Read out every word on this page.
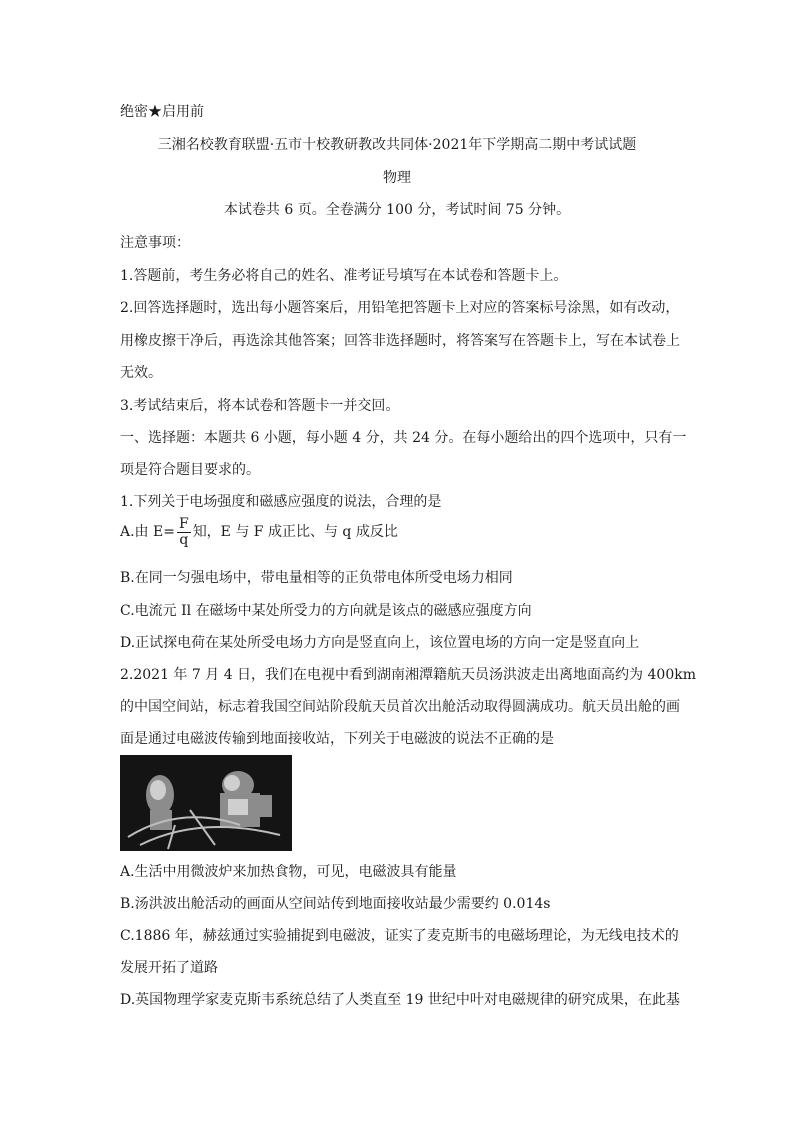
绝密★启用前
三湘名校教育联盟·五市十校教研教改共同体·2021年下学期高二期中考试试题
物理
本试卷共 6 页。全卷满分 100 分，考试时间 75 分钟。
注意事项：
1.答题前，考生务必将自己的姓名、准考证号填写在本试卷和答题卡上。
2.回答选择题时，选出每小题答案后，用铅笔把答题卡上对应的答案标号涂黑，如有改动，
用橡皮擦干净后，再选涂其他答案；回答非选择题时，将答案写在答题卡上，写在本试卷上
无效。
3.考试结束后，将本试卷和答题卡一并交回。
一、选择题：本题共 6 小题，每小题 4 分，共 24 分。在每小题给出的四个选项中，只有一
项是符合题目要求的。
1.下列关于电场强度和磁感应强度的说法，合理的是
A.由 $E= \frac{F}{q}$ 知，E 与 F 成正比、与 q 成反比
B.在同一匀强电场中，带电量相等的正负带电体所受电场力相同
C.电流元 Il 在磁场中某处所受力的方向就是该点的磁感应强度方向
D.正试探电荷在某处所受电场力方向是竖直向上，该位置电场的方向一定是竖直向上
2.2021 年 7 月 4 日，我们在电视中看到湖南湘潭籍航天员汤洪波走出离地面高约为 400km
的中国空间站，标志着我国空间站阶段航天员首次出舱活动取得圆满成功。航天员出舱的画
面是通过电磁波传输到地面接收站，下列关于电磁波的说法不正确的是
A.生活中用微波炉来加热食物，可见，电磁波具有能量
B.汤洪波出舱活动的画面从空间站传到地面接收站最少需要约 0.014s
C.1886 年，赫兹通过实验捕捉到电磁波，证实了麦克斯韦的电磁场理论，为无线电技术的
发展开拓了道路
D.英国物理学家麦克斯韦系统总结了人类直至 19 世纪中叶对电磁规律的研究成果，在此基
